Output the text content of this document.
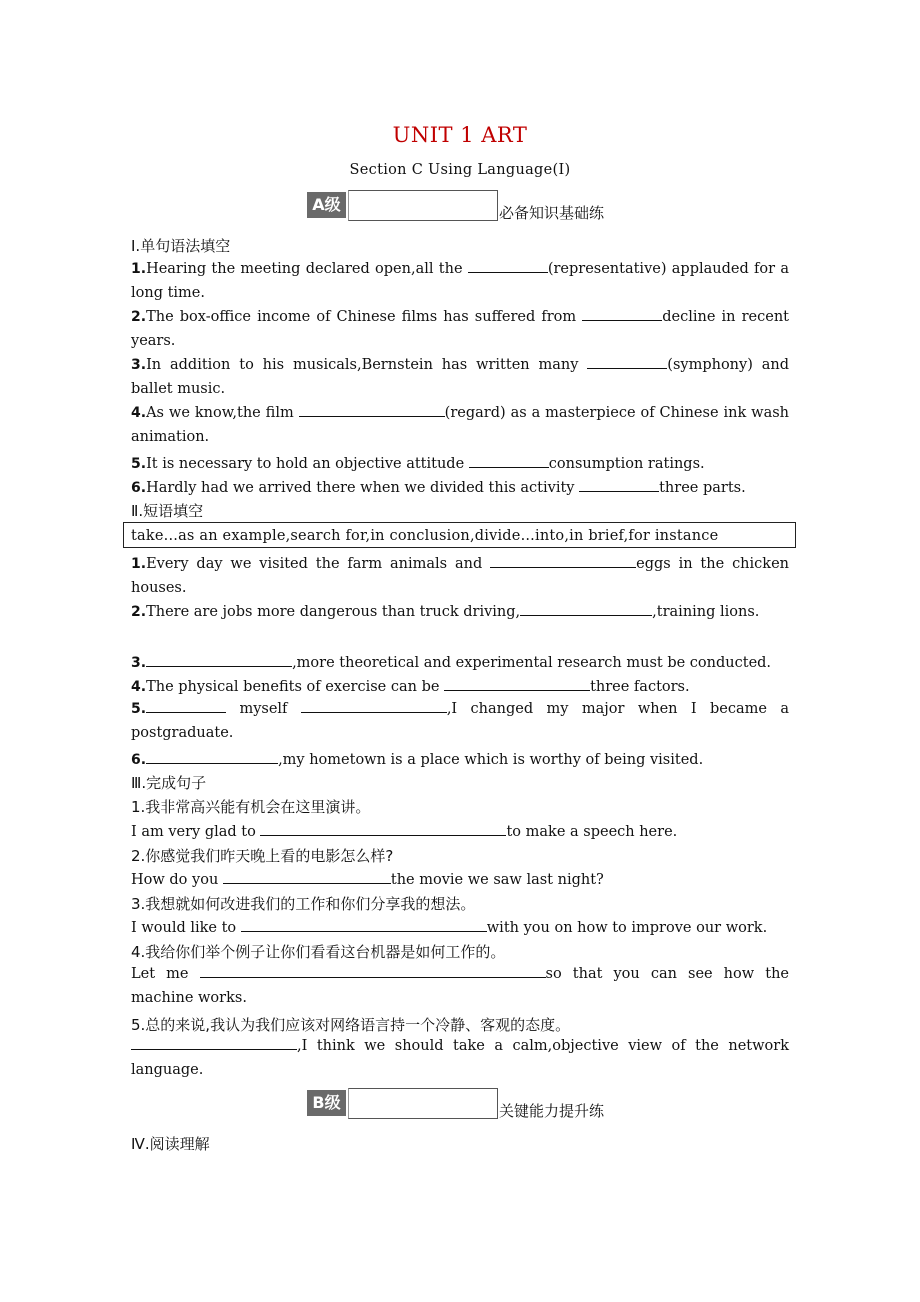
UNIT 1 ART
Section C Using Language(Ⅰ)
A级	必备知识基础练
Ⅰ.单句语法填空
1.Hearing the meeting declared open,all the	(representative) applauded for a long time.
2.The box-office income of Chinese films has suffered from	decline in recent years.
3.In addition to his musicals,Bernstein has written many	(symphony) and ballet music.
4.As we know,the film	(regard) as a masterpiece of Chinese ink wash animation.
5.It is necessary to hold an objective attitude	consumption ratings.
6.Hardly had we arrived there when we divided this activity	three parts.
Ⅱ.短语填空
take...as an example,search for,in conclusion,divide...into,in brief,for instance
1.Every day we visited the farm animals and	eggs in the chicken houses.
2.There are jobs more dangerous than truck driving,	,training lions.
3.	,more theoretical and experimental research must be conducted.
4.The physical benefits of exercise can be	three factors.
5.	myself	,I changed my major when I became a postgraduate.
6.	,my hometown is a place which is worthy of being visited.
Ⅲ.完成句子
1.我非常高兴能有机会在这里演讲。
I am very glad to	to make a speech here.
2.你感觉我们昨天晚上看的电影怎么样?
How do you	the movie we saw last night?
3.我想就如何改进我们的工作和你们分享我的想法。
I would like to	with you on how to improve our work.
4.我给你们举个例子让你们看看这台机器是如何工作的。
Let me	so that you can see how the machine works.
5.总的来说,我认为我们应该对网络语言持一个冷静、客观的态度。
,I think we should take a calm,objective view of the network language.
B级	关键能力提升练
Ⅳ.阅读理解
